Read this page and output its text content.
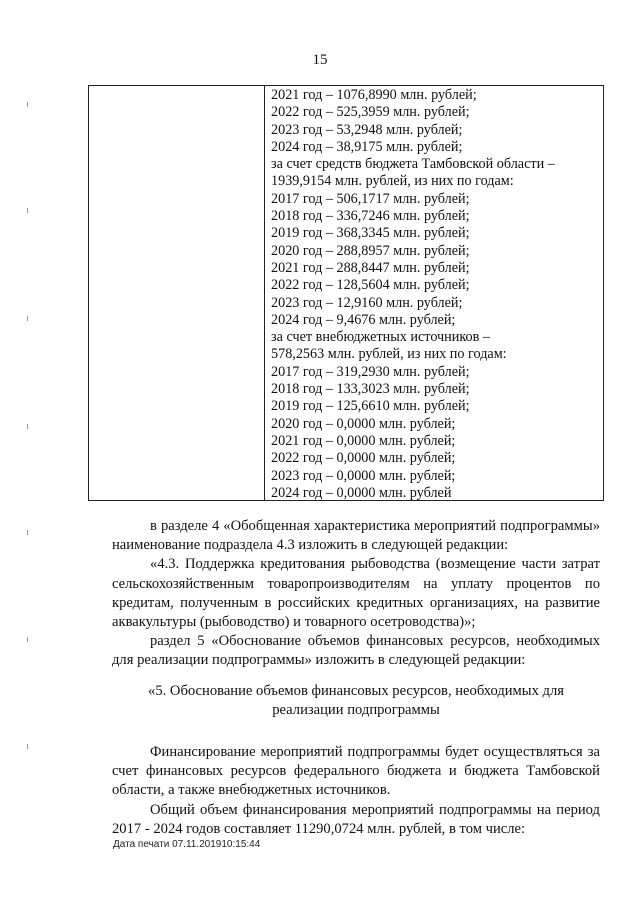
15
2021 год – 1076,8990 млн. рублей;
2022 год – 525,3959 млн. рублей;
2023 год – 53,2948 млн. рублей;
2024 год – 38,9175 млн. рублей;
за счет средств бюджета Тамбовской области –
1939,9154 млн. рублей, из них по годам:
2017 год – 506,1717 млн. рублей;
2018 год – 336,7246 млн. рублей;
2019 год – 368,3345 млн. рублей;
2020 год – 288,8957 млн. рублей;
2021 год – 288,8447 млн. рублей;
2022 год – 128,5604 млн. рублей;
2023 год – 12,9160 млн. рублей;
2024 год – 9,4676 млн. рублей;
за счет внебюджетных источников –
578,2563 млн. рублей, из них по годам:
2017 год – 319,2930 млн. рублей;
2018 год – 133,3023 млн. рублей;
2019 год – 125,6610 млн. рублей;
2020 год – 0,0000 млн. рублей;
2021 год – 0,0000 млн. рублей;
2022 год – 0,0000 млн. рублей;
2023 год – 0,0000 млн. рублей;
2024 год – 0,0000 млн. рублей

в разделе 4 «Обобщенная характеристика мероприятий подпрограммы» наименование подраздела 4.3 изложить в следующей редакции:

«4.3. Поддержка кредитования рыбоводства (возмещение части затрат сельскохозяйственным товаропроизводителям на уплату процентов по кредитам, полученным в российских кредитных организациях, на развитие аквакультуры (рыбоводство) и товарного осетроводства)»;

раздел 5 «Обоснование объемов финансовых ресурсов, необходимых для реализации подпрограммы» изложить в следующей редакции:

«5. Обоснование объемов финансовых ресурсов, необходимых для реализации подпрограммы

Финансирование мероприятий подпрограммы будет осуществляться за счет финансовых ресурсов федерального бюджета и бюджета Тамбовской области, а также внебюджетных источников.

Общий объем финансирования мероприятий подпрограммы на период 2017 - 2024 годов составляет 11290,0724 млн. рублей, в том числе:

Дата печати 07.11.201910:15:44
